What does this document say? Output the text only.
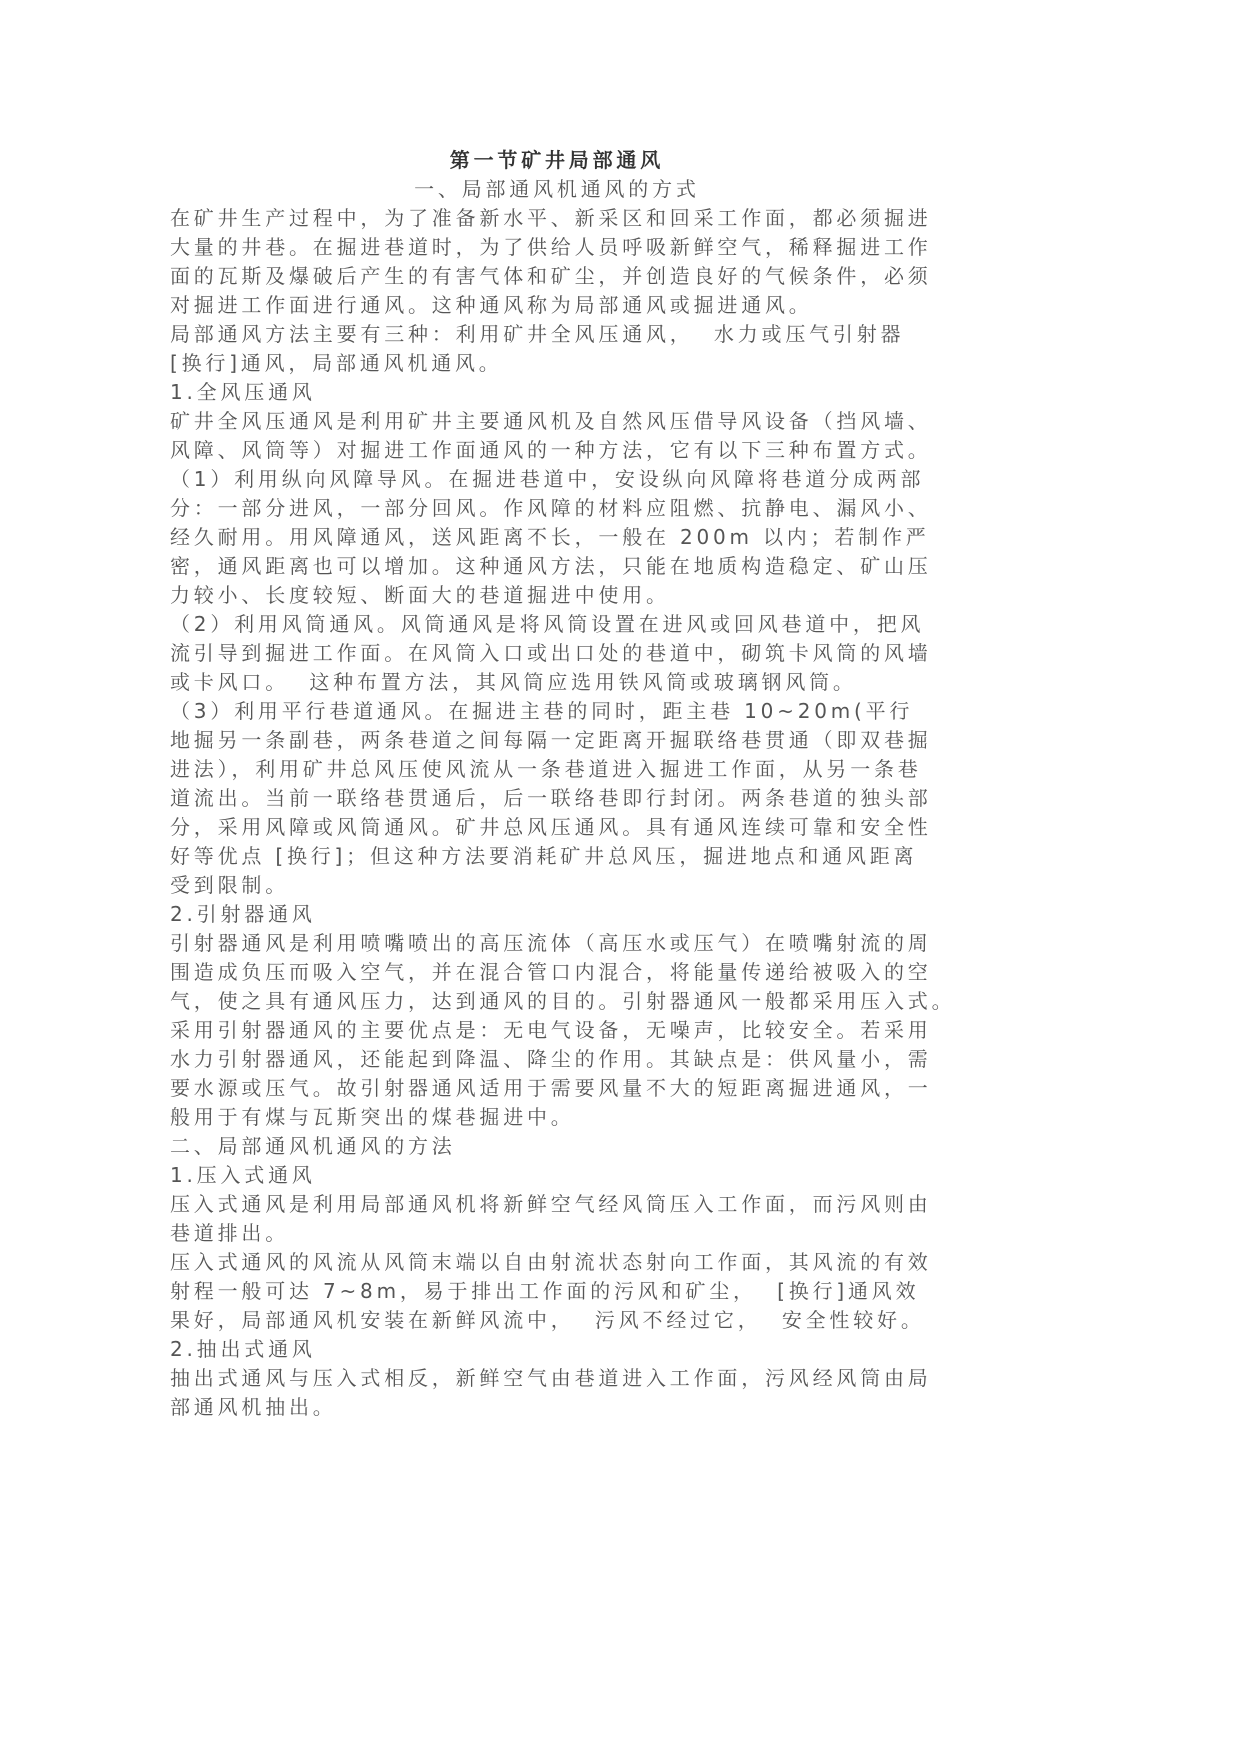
第一节矿井局部通风
一、局部通风机通风的方式
在矿井生产过程中，为了准备新水平、新采区和回采工作面，都必须掘进
大量的井巷。在掘进巷道时，为了供给人员呼吸新鲜空气，稀释掘进工作
面的瓦斯及爆破后产生的有害气体和矿尘，并创造良好的气候条件，必须
对掘进工作面进行通风。这种通风称为局部通风或掘进通风。
局部通风方法主要有三种：利用矿井全风压通风，  水力或压气引射器
[换行]通风，局部通风机通风。
1.全风压通风
矿井全风压通风是利用矿井主要通风机及自然风压借导风设备（挡风墙、
风障、风筒等）对掘进工作面通风的一种方法，它有以下三种布置方式。
（1）利用纵向风障导风。在掘进巷道中，安设纵向风障将巷道分成两部
分：一部分进风，一部分回风。作风障的材料应阻燃、抗静电、漏风小、
经久耐用。用风障通风，送风距离不长，一般在 200m 以内；若制作严
密，通风距离也可以增加。这种通风方法，只能在地质构造稳定、矿山压
力较小、长度较短、断面大的巷道掘进中使用。
（2）利用风筒通风。风筒通风是将风筒设置在进风或回风巷道中，把风
流引导到掘进工作面。在风筒入口或出口处的巷道中，砌筑卡风筒的风墙
或卡风口。  这种布置方法，其风筒应选用铁风筒或玻璃钢风筒。
（3）利用平行巷道通风。在掘进主巷的同时，距主巷 10~20m(平行
地掘另一条副巷，两条巷道之间每隔一定距离开掘联络巷贯通（即双巷掘
进法），利用矿井总风压使风流从一条巷道进入掘进工作面，从另一条巷
道流出。当前一联络巷贯通后，后一联络巷即行封闭。两条巷道的独头部
分，采用风障或风筒通风。矿井总风压通风。具有通风连续可靠和安全性
好等优点 [换行]；但这种方法要消耗矿井总风压，掘进地点和通风距离
受到限制。
2.引射器通风
引射器通风是利用喷嘴喷出的高压流体（高压水或压气）在喷嘴射流的周
围造成负压而吸入空气，并在混合管口内混合，将能量传递给被吸入的空
气，使之具有通风压力，达到通风的目的。引射器通风一般都采用压入式。
采用引射器通风的主要优点是：无电气设备，无噪声，比较安全。若采用
水力引射器通风，还能起到降温、降尘的作用。其缺点是：供风量小，需
要水源或压气。故引射器通风适用于需要风量不大的短距离掘进通风，一
般用于有煤与瓦斯突出的煤巷掘进中。
二、局部通风机通风的方法
1.压入式通风
压入式通风是利用局部通风机将新鲜空气经风筒压入工作面，而污风则由
巷道排出。
压入式通风的风流从风筒末端以自由射流状态射向工作面，其风流的有效
射程一般可达 7~8m，易于排出工作面的污风和矿尘，  [换行]通风效
果好，局部通风机安装在新鲜风流中，  污风不经过它，  安全性较好。
2.抽出式通风
抽出式通风与压入式相反，新鲜空气由巷道进入工作面，污风经风筒由局
部通风机抽出。
